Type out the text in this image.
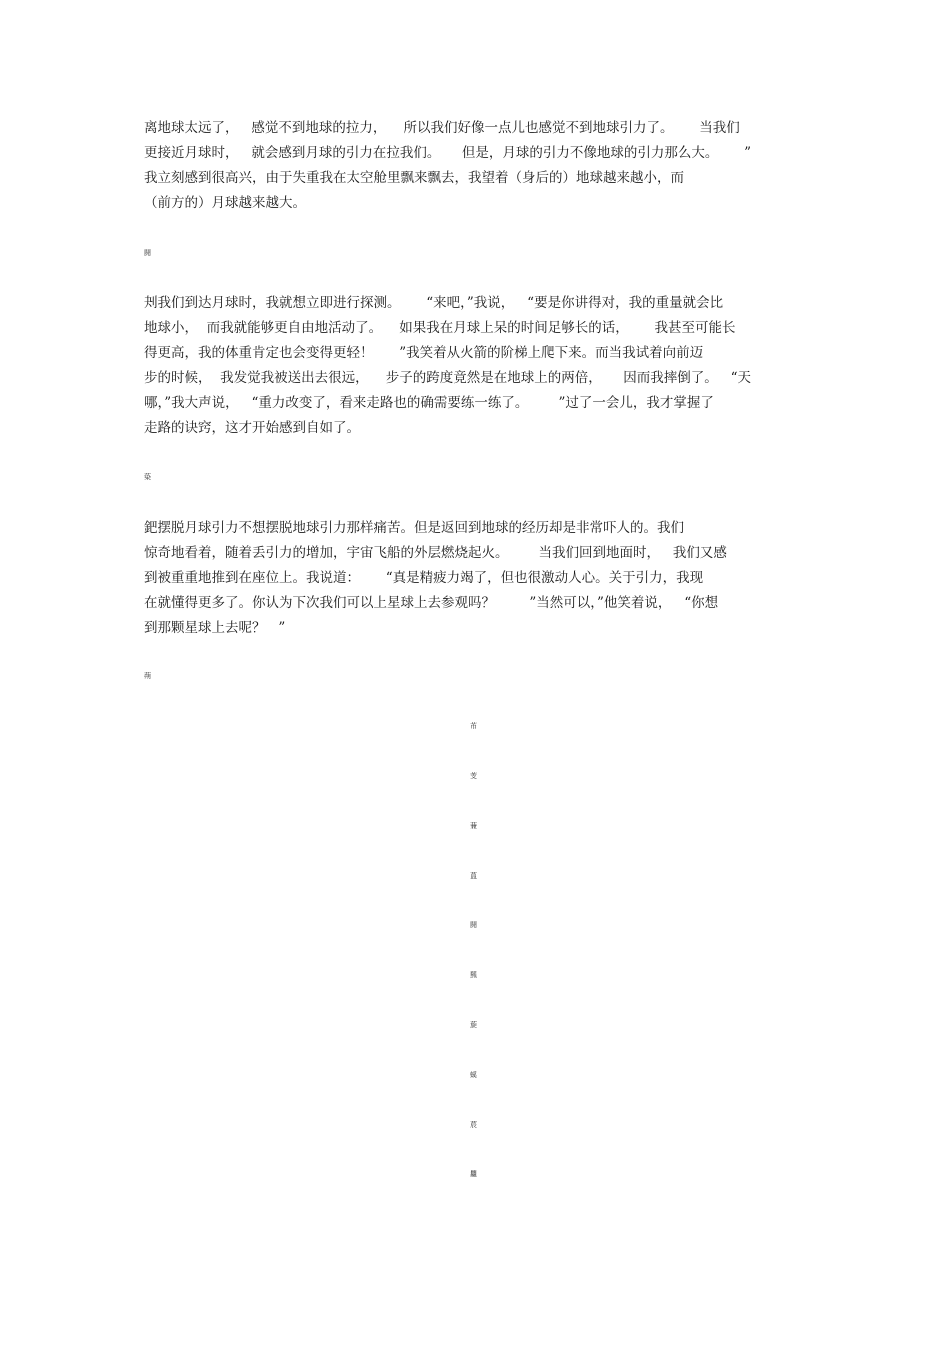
离地球太远了，   感觉不到地球的拉力，    所以我们好像一点儿也感觉不到地球引力了。      当我们
更接近月球时，   就会感到月球的引力在拉我们。     但是，月球的引力不像地球的引力那么大。      ”
我立刻感到很高兴，由于失重我在太空舱里飘来飘去，我望着（身后的）地球越来越小，而
（前方的）月球越来越大。
闘
刔我们到达月球时，我就想立即进行探测。      “来吧，”我说，   “要是你讲得对，我的重量就会比
地球小，  而我就能够更自由地活动了。    如果我在月球上呆的时间足够长的话，      我甚至可能长
得更高，我的体重肯定也会变得更轻！      ”我笑着从火箭的阶梯上爬下来。而当我试着向前迈
步的时候，  我发觉我被送出去很远，    步子的跨度竟然是在地球上的两倍，     因而我摔倒了。   “天
哪，”我大声说，   “重力改变了，看来走路也的确需要练一练了。       ”过了一会儿，我才掌握了
走路的诀窍，这才开始感到自如了。
蒅
鈀摆脱月球引力不想摆脱地球引力那样痛苦。但是返回到地球的经历却是非常吓人的。我们
惊奇地看着，随着丢引力的增加，宇宙飞船的外层燃烧起火。       当我们回到地面时，   我们又感
到被重重地推到在座位上。我说道：      “真是精疲力竭了，但也很激动人心。关于引力，我现
在就懂得更多了。你认为下次我们可以上星球上去参观吗？        ”当然可以，”他笑着说，   “你想
到那颗星球上去呢？   ”
蒴
芇
芰
蒹
蒀
闘
羆
蔙
螇
莀
蠿
